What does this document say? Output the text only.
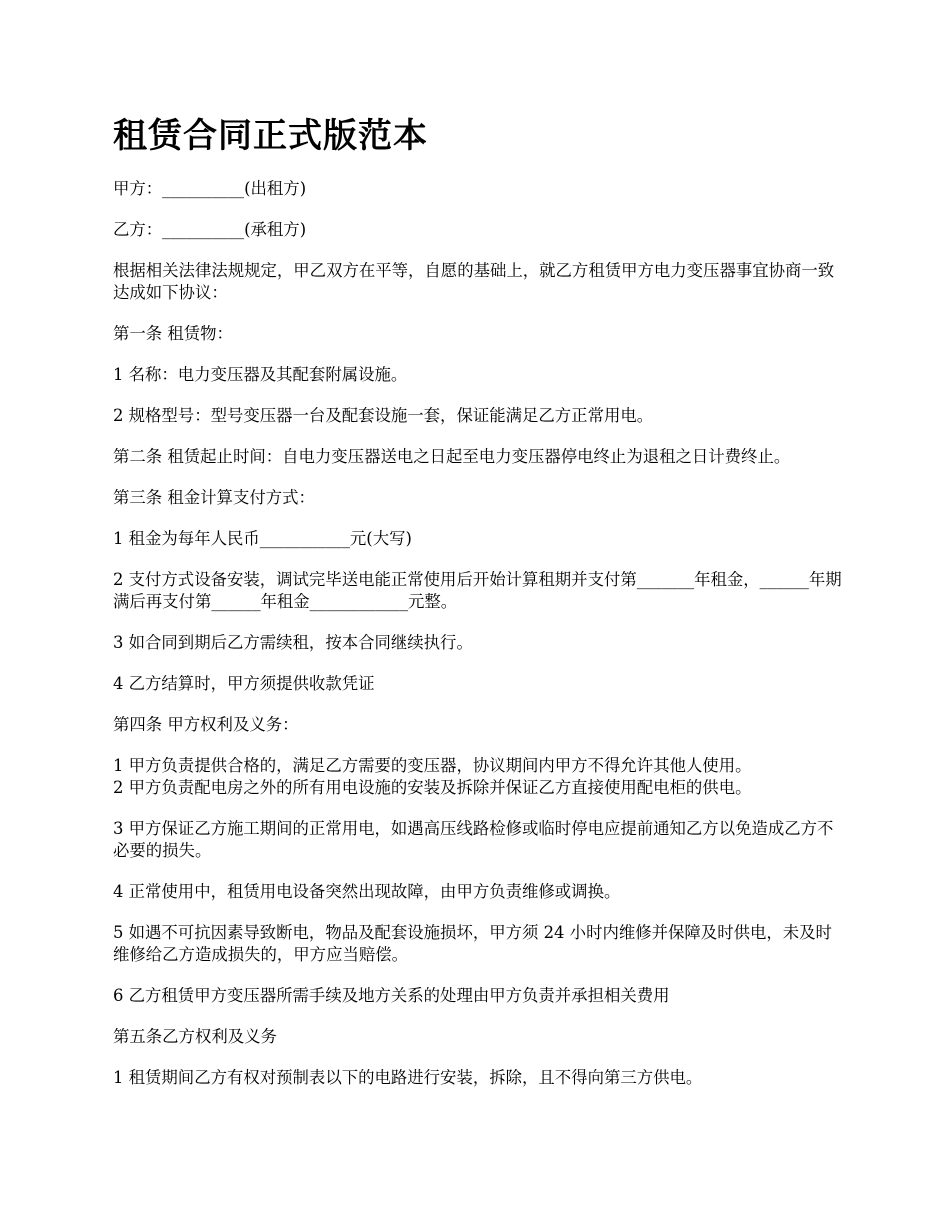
租赁合同正式版范本

甲方：__________(出租方)

乙方：__________(承租方)

根据相关法律法规规定，甲乙双方在平等，自愿的基础上，就乙方租赁甲方电力变压器事宜协商一致达成如下协议：

第一条 租赁物：

1 名称：电力变压器及其配套附属设施。

2 规格型号：型号变压器一台及配套设施一套，保证能满足乙方正常用电。

第二条 租赁起止时间：自电力变压器送电之日起至电力变压器停电终止为退租之日计费终止。

第三条 租金计算支付方式：

1 租金为每年人民币___________元(大写)

2 支付方式设备安装，调试完毕送电能正常使用后开始计算租期并支付第_______年租金，______年期满后再支付第______年租金____________元整。

3 如合同到期后乙方需续租，按本合同继续执行。

4 乙方结算时，甲方须提供收款凭证

第四条 甲方权利及义务：

1 甲方负责提供合格的，满足乙方需要的变压器，协议期间内甲方不得允许其他人使用。

2 甲方负责配电房之外的所有用电设施的安装及拆除并保证乙方直接使用配电柜的供电。

3 甲方保证乙方施工期间的正常用电，如遇高压线路检修或临时停电应提前通知乙方以免造成乙方不必要的损失。

4 正常使用中，租赁用电设备突然出现故障，由甲方负责维修或调换。

5 如遇不可抗因素导致断电，物品及配套设施损坏，甲方须 24 小时内维修并保障及时供电，未及时维修给乙方造成损失的，甲方应当赔偿。

6 乙方租赁甲方变压器所需手续及地方关系的处理由甲方负责并承担相关费用

第五条乙方权利及义务

1 租赁期间乙方有权对预制表以下的电路进行安装，拆除，且不得向第三方供电。
